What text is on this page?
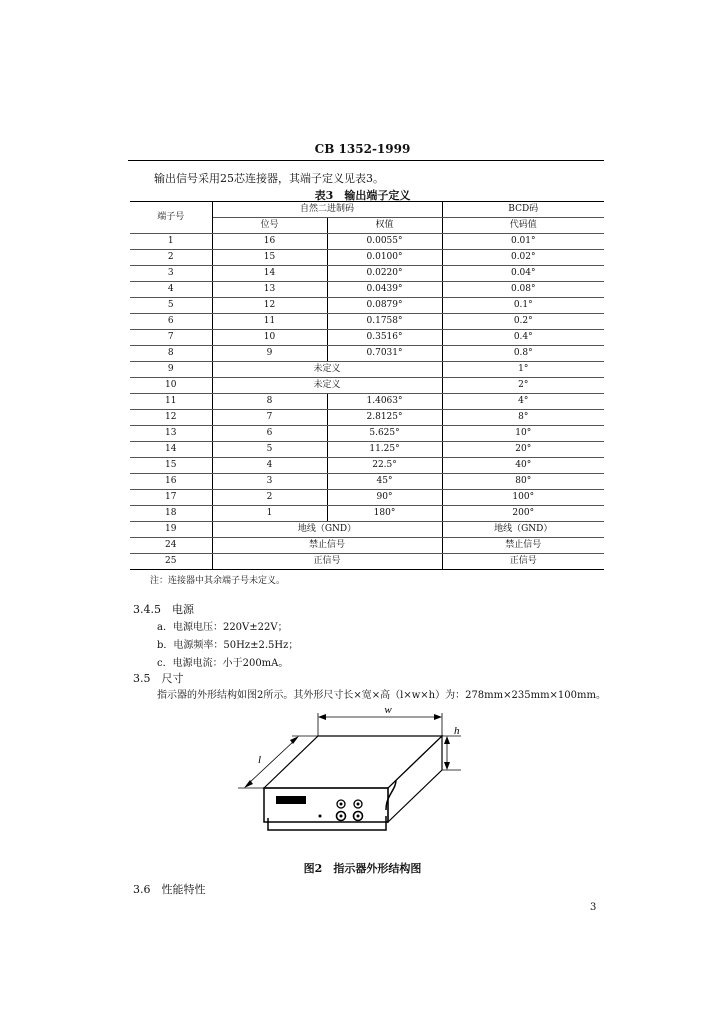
CB 1352-1999
输出信号采用25芯连接器，其端子定义见表3。
表3　输出端子定义
端子号	自然二进制码		BCD码
	位号	权值	代码值
1	16	0.0055°	0.01°
2	15	0.0100°	0.02°
3	14	0.0220°	0.04°
4	13	0.0439°	0.08°
5	12	0.0879°	0.1°
6	11	0.1758°	0.2°
7	10	0.3516°	0.4°
8	9	0.7031°	0.8°
9	未定义		1°
10	未定义		2°
11	8	1.4063°	4°
12	7	2.8125°	8°
13	6	5.625°	10°
14	5	11.25°	20°
15	4	22.5°	40°
16	3	45°	80°
17	2	90°	100°
18	1	180°	200°
19	地线（GND）		地线（GND）
24	禁止信号		禁止信号
25	正信号		正信号
注：连接器中其余端子号未定义。
3.4.5　电源
a．电源电压：220V±22V；
b．电源频率：50Hz±2.5Hz；
c．电源电流：小于200mA。
3.5　尺寸
指示器的外形结构如图2所示。其外形尺寸长×宽×高（l×w×h）为：278mm×235mm×100mm。
w
h
l
图2　指示器外形结构图
3.6　性能特性
3
